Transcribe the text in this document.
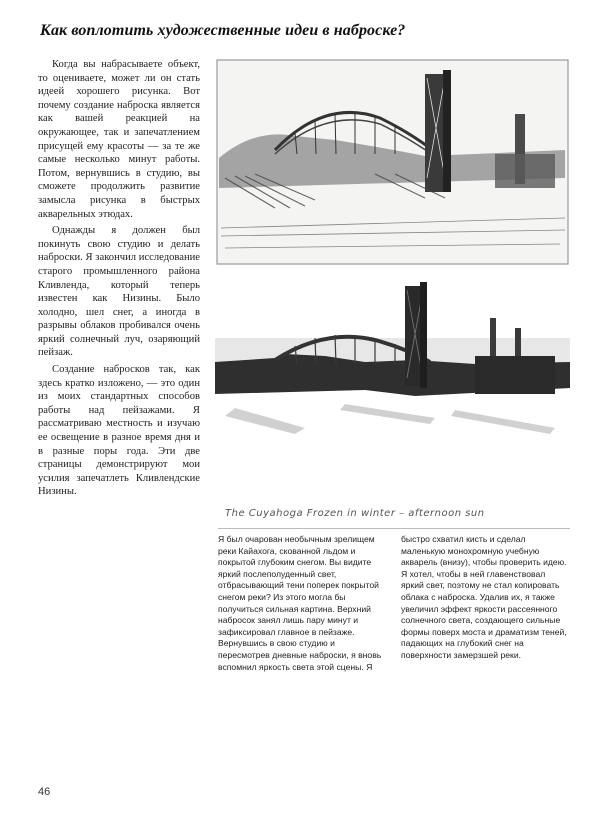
Как воплотить художественные идеи в наброске?

Когда вы набрасываете объект, то оцениваете, может ли он стать идеей хорошего рисунка. Вот почему создание наброска является как вашей реакцией на окружающее, так и запечатлением присущей ему красоты — за те же самые несколько минут работы. Потом, вернувшись в студию, вы сможете продолжить развитие замысла рисунка в быстрых акварельных этюдах.

Однажды я должен был покинуть свою студию и делать наброски. Я закончил исследование старого промышленного района Кливленда, который теперь известен как Низины. Было холодно, шел снег, а иногда в разрывы облаков пробивался очень яркий солнечный луч, озаряющий пейзаж.

Создание набросков так, как здесь кратко изложено, — это один из моих стандартных способов работы над пейзажами. Я рассматриваю местность и изучаю ее освещение в разное время дня и в разные поры года. Эти две страницы демонстрируют мои усилия запечатлеть Кливлендские Низины.

The Cuyahoga Frozen in winter – afternoon sun

Я был очарован необычным зрелищем реки Кайахога, скованной льдом и покрытой глубоким снегом. Вы видите яркий послеполуденный свет, отбрасывающий тени поперек покрытой снегом реки? Из этого могла бы получиться сильная картина. Верхний набросок занял лишь пару минут и зафиксировал главное в пейзаже. Вернувшись в свою студию и пересмотрев дневные наброски, я вновь вспомнил яркость света этой сцены. Я быстро схватил кисть и сделал маленькую монохромную учебную акварель (внизу), чтобы проверить идею. Я хотел, чтобы в ней главенствовал яркий свет, поэтому не стал копировать облака с наброска. Удалив их, я также увеличил эффект яркости рассеянного солнечного света, создающего сильные формы поверх моста и драматизм теней, падающих на глубокий снег на поверхности замерзшей реки.

46
